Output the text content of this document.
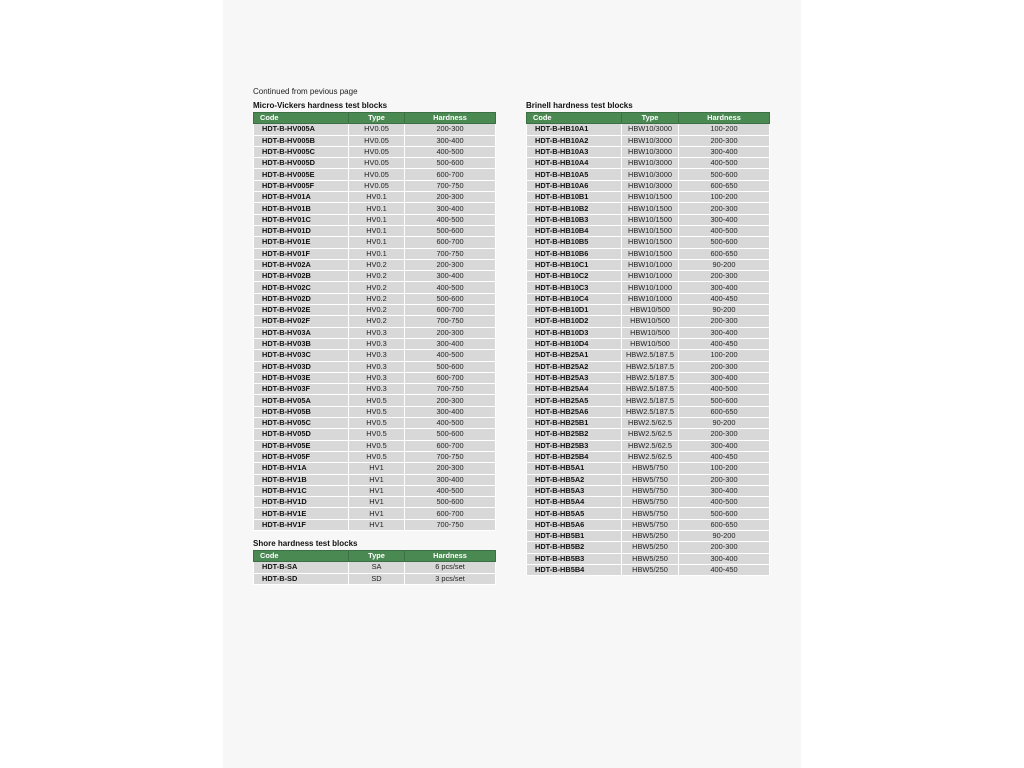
Continued from pevious page
Micro-Vickers hardness test blocks
Code	Type	Hardness
HDT-B-HV005A	HV0.05	200-300
HDT-B-HV005B	HV0.05	300-400
HDT-B-HV005C	HV0.05	400-500
HDT-B-HV005D	HV0.05	500-600
HDT-B-HV005E	HV0.05	600-700
HDT-B-HV005F	HV0.05	700-750
HDT-B-HV01A	HV0.1	200-300
HDT-B-HV01B	HV0.1	300-400
HDT-B-HV01C	HV0.1	400-500
HDT-B-HV01D	HV0.1	500-600
HDT-B-HV01E	HV0.1	600-700
HDT-B-HV01F	HV0.1	700-750
HDT-B-HV02A	HV0.2	200-300
HDT-B-HV02B	HV0.2	300-400
HDT-B-HV02C	HV0.2	400-500
HDT-B-HV02D	HV0.2	500-600
HDT-B-HV02E	HV0.2	600-700
HDT-B-HV02F	HV0.2	700-750
HDT-B-HV03A	HV0.3	200-300
HDT-B-HV03B	HV0.3	300-400
HDT-B-HV03C	HV0.3	400-500
HDT-B-HV03D	HV0.3	500-600
HDT-B-HV03E	HV0.3	600-700
HDT-B-HV03F	HV0.3	700-750
HDT-B-HV05A	HV0.5	200-300
HDT-B-HV05B	HV0.5	300-400
HDT-B-HV05C	HV0.5	400-500
HDT-B-HV05D	HV0.5	500-600
HDT-B-HV05E	HV0.5	600-700
HDT-B-HV05F	HV0.5	700-750
HDT-B-HV1A	HV1	200-300
HDT-B-HV1B	HV1	300-400
HDT-B-HV1C	HV1	400-500
HDT-B-HV1D	HV1	500-600
HDT-B-HV1E	HV1	600-700
HDT-B-HV1F	HV1	700-750
Shore hardness test blocks
Code	Type	Hardness
HDT-B-SA	SA	6 pcs/set
HDT-B-SD	SD	3 pcs/set
Brinell hardness test blocks
Code	Type	Hardness
HDT-B-HB10A1	HBW10/3000	100-200
HDT-B-HB10A2	HBW10/3000	200-300
HDT-B-HB10A3	HBW10/3000	300-400
HDT-B-HB10A4	HBW10/3000	400-500
HDT-B-HB10A5	HBW10/3000	500-600
HDT-B-HB10A6	HBW10/3000	600-650
HDT-B-HB10B1	HBW10/1500	100-200
HDT-B-HB10B2	HBW10/1500	200-300
HDT-B-HB10B3	HBW10/1500	300-400
HDT-B-HB10B4	HBW10/1500	400-500
HDT-B-HB10B5	HBW10/1500	500-600
HDT-B-HB10B6	HBW10/1500	600-650
HDT-B-HB10C1	HBW10/1000	90-200
HDT-B-HB10C2	HBW10/1000	200-300
HDT-B-HB10C3	HBW10/1000	300-400
HDT-B-HB10C4	HBW10/1000	400-450
HDT-B-HB10D1	HBW10/500	90-200
HDT-B-HB10D2	HBW10/500	200-300
HDT-B-HB10D3	HBW10/500	300-400
HDT-B-HB10D4	HBW10/500	400-450
HDT-B-HB25A1	HBW2.5/187.5	100-200
HDT-B-HB25A2	HBW2.5/187.5	200-300
HDT-B-HB25A3	HBW2.5/187.5	300-400
HDT-B-HB25A4	HBW2.5/187.5	400-500
HDT-B-HB25A5	HBW2.5/187.5	500-600
HDT-B-HB25A6	HBW2.5/187.5	600-650
HDT-B-HB25B1	HBW2.5/62.5	90-200
HDT-B-HB25B2	HBW2.5/62.5	200-300
HDT-B-HB25B3	HBW2.5/62.5	300-400
HDT-B-HB25B4	HBW2.5/62.5	400-450
HDT-B-HB5A1	HBW5/750	100-200
HDT-B-HB5A2	HBW5/750	200-300
HDT-B-HB5A3	HBW5/750	300-400
HDT-B-HB5A4	HBW5/750	400-500
HDT-B-HB5A5	HBW5/750	500-600
HDT-B-HB5A6	HBW5/750	600-650
HDT-B-HB5B1	HBW5/250	90-200
HDT-B-HB5B2	HBW5/250	200-300
HDT-B-HB5B3	HBW5/250	300-400
HDT-B-HB5B4	HBW5/250	400-450
